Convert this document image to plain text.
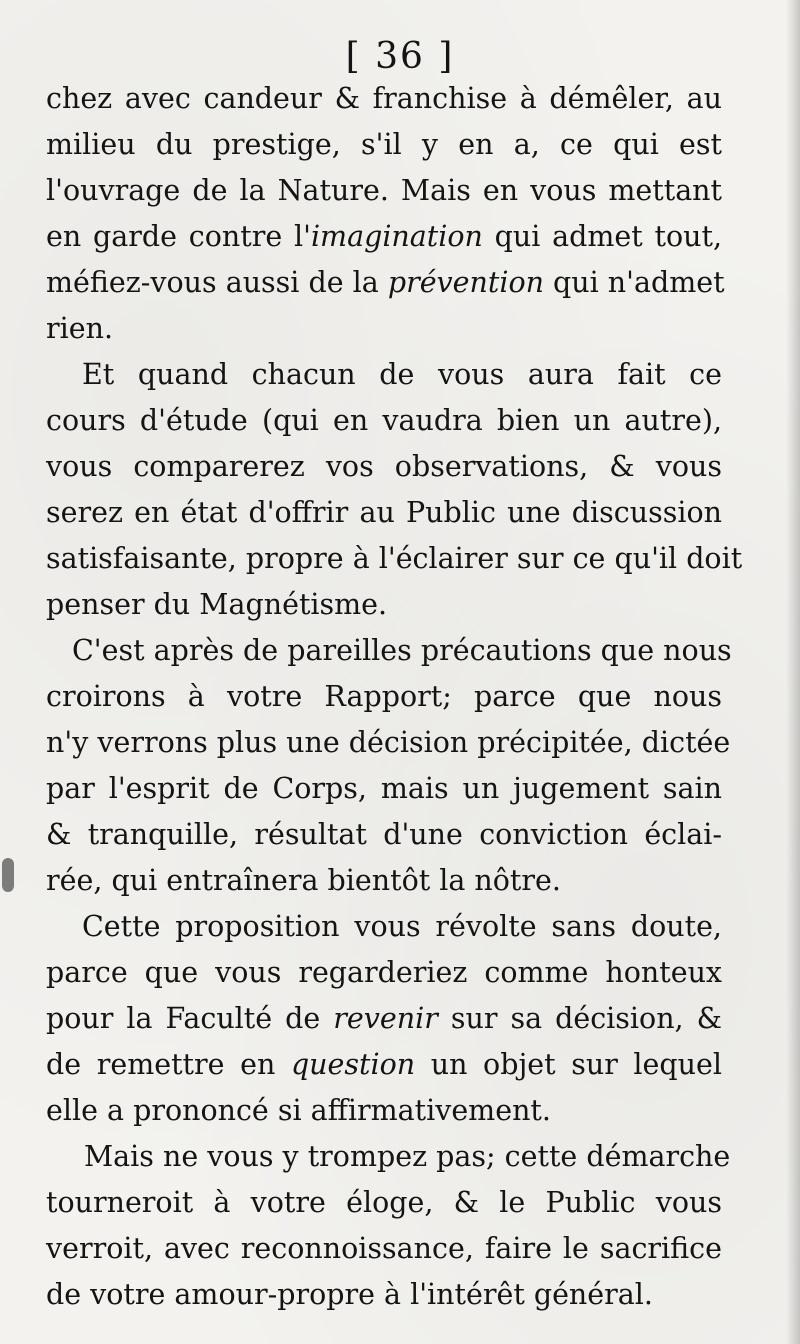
[ 36 ]
chez avec candeur & franchise à démêler, au
milieu du prestige, s'il y en a, ce qui est
l'ouvrage de la Nature. Mais en vous mettant
en garde contre l'imagination qui admet tout,
méfiez-vous aussi de la prévention qui n'admet
rien.
Et quand chacun de vous aura fait ce
cours d'étude (qui en vaudra bien un autre),
vous comparerez vos observations, & vous
serez en état d'offrir au Public une discussion
satisfaisante, propre à l'éclairer sur ce qu'il doit
penser du Magnétisme.
C'est après de pareilles précautions que nous
croirons à votre Rapport; parce que nous
n'y verrons plus une décision précipitée, dictée
par l'esprit de Corps, mais un jugement sain
& tranquille, résultat d'une conviction éclai-
rée, qui entraînera bientôt la nôtre.
Cette proposition vous révolte sans doute,
parce que vous regarderiez comme honteux
pour la Faculté de revenir sur sa décision, &
de remettre en question un objet sur lequel
elle a prononcé si affirmativement.
Mais ne vous y trompez pas; cette démarche
tourneroit à votre éloge, & le Public vous
verroit, avec reconnoissance, faire le sacrifice
de votre amour-propre à l'intérêt général.
